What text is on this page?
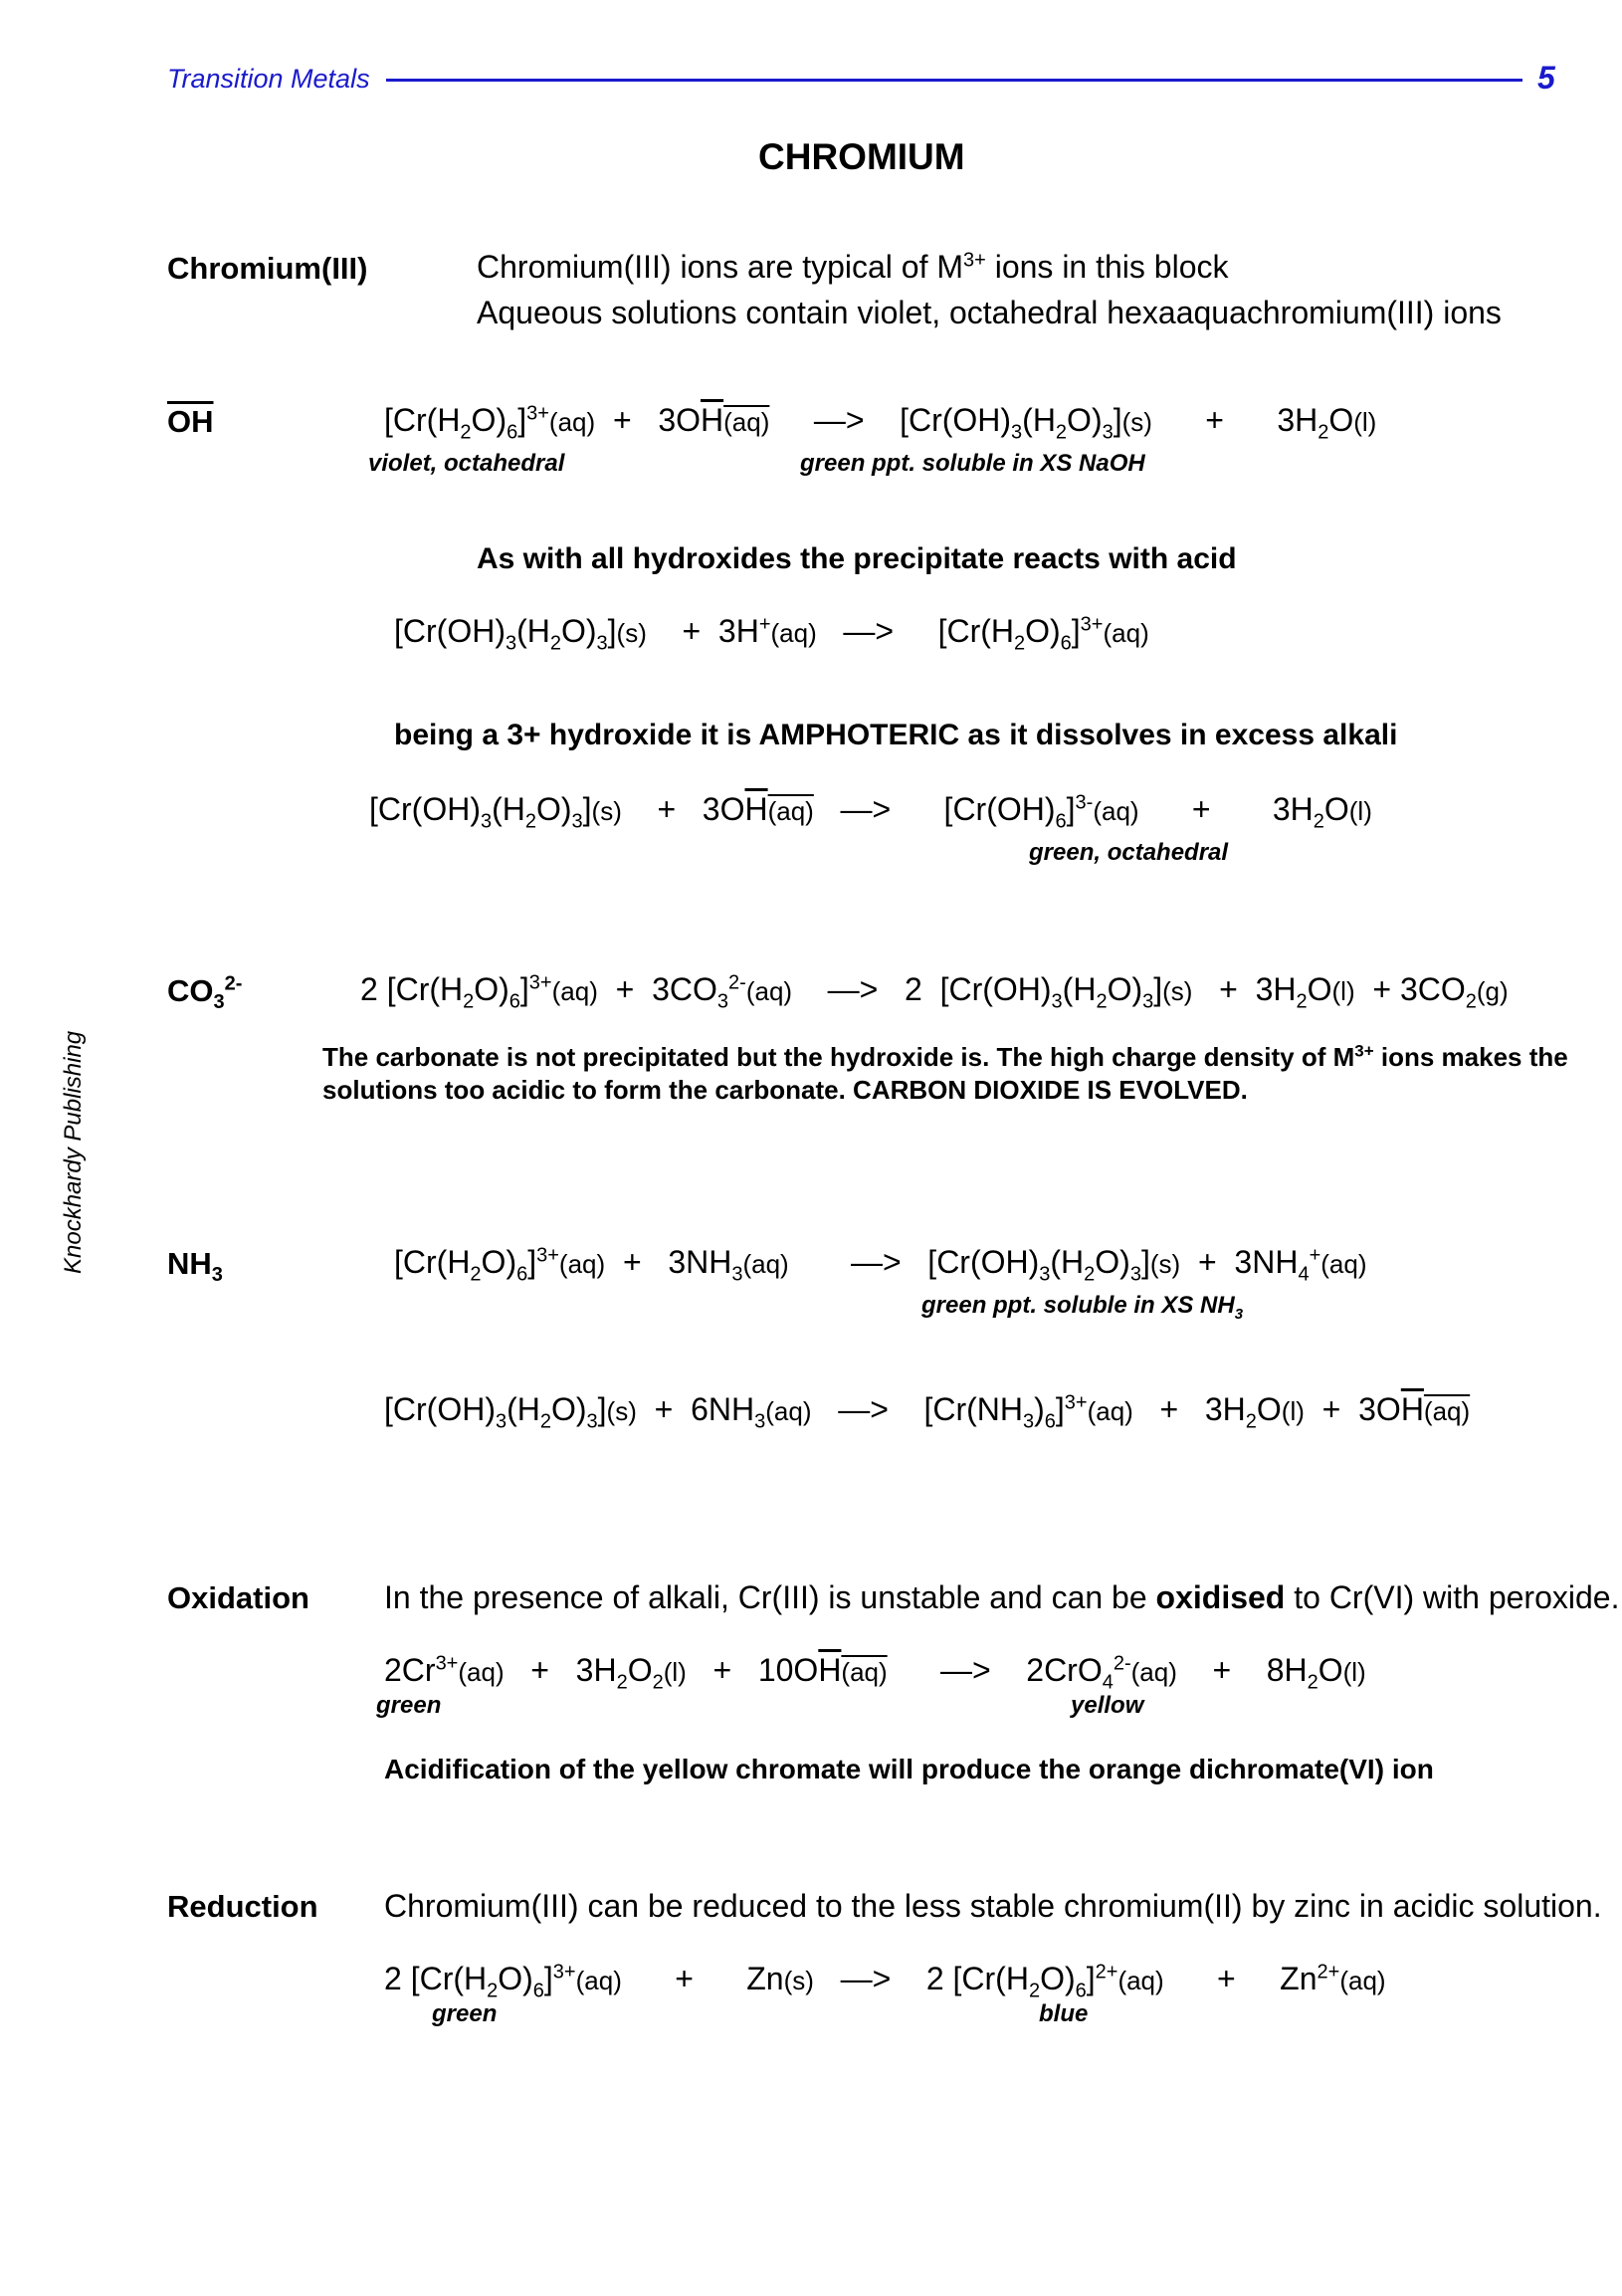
Transition Metals	5
Knockhardy Publishing
CHROMIUM
Chromium(III)	Chromium(III) ions are typical of $M^{3+}$ ions in this block
Aqueous solutions contain violet, octahedral hexaaquachromium(III) ions
$\overline{OH}$	$[Cr(H_2O)_6]^{3+}(aq) + 3O\overline{H}(aq)$     —>    $[Cr(OH)_3(H_2O)_3](s)$      +      $3H_2O(l)$
violet, octahedral	green ppt. soluble in XS NaOH
As with all hydroxides the precipitate reacts with acid
$[Cr(OH)_3(H_2O)_3](s)$    +  3H+(aq)   —>     $[Cr(H_2O)_6]^{3+}(aq)$
being a 3+ hydroxide it is AMPHOTERIC as it dissolves in excess alkali
$[Cr(OH)_3(H_2O)_3](s)$    +   $3O\overline{H}(aq)$   —>      $[Cr(OH)_6]^{3-}(aq)$      +       $3H_2O(l)$
green, octahedral
$CO_3^{2-}$	2 $[Cr(H_2O)_6]^{3+}(aq) + 3CO_3^{2-}(aq)$    —>   2  $[Cr(OH)_3(H_2O)_3](s) + 3H_2O(l) + 3CO_2(g)$
The carbonate is not precipitated but the hydroxide is. The high charge density of $M^{3+}$ ions makes the solutions too acidic to form the carbonate. CARBON DIOXIDE IS EVOLVED.
$NH_3$	$[Cr(H_2O)_6]^{3+}(aq) + 3NH_3(aq)$       —>   $[Cr(OH)_3(H_2O)_3](s) + 3NH_4^+(aq)$
green ppt. soluble in XS $NH_3$
$[Cr(OH)_3(H_2O)_3](s) + 6NH_3(aq)$   —>    $[Cr(NH_3)_6]^{3+}(aq) + 3H_2O(l) + 3O\overline{H}(aq)$
Oxidation In the presence of alkali, Cr(III) is unstable and can be oxidised to Cr(VI) with peroxide.
$2Cr^{3+}(aq) + 3H_2O_2(l) + 10O\overline{H}(aq)$      —>    2CrO$_4^{2-}$(aq)    +    $8H_2O(l)$
green	yellow
Acidification of the yellow chromate will produce the orange dichromate(VI) ion
Reduction Chromium(III) can be reduced to the less stable chromium(II) by zinc in acidic solution.
2 $[Cr(H_2O)_6]^{3+}(aq)$      +      Zn(s)   —>    2 $[Cr(H_2O)_6]^{2+}(aq)$      +     $Zn^{2+}(aq)$
green	blue
